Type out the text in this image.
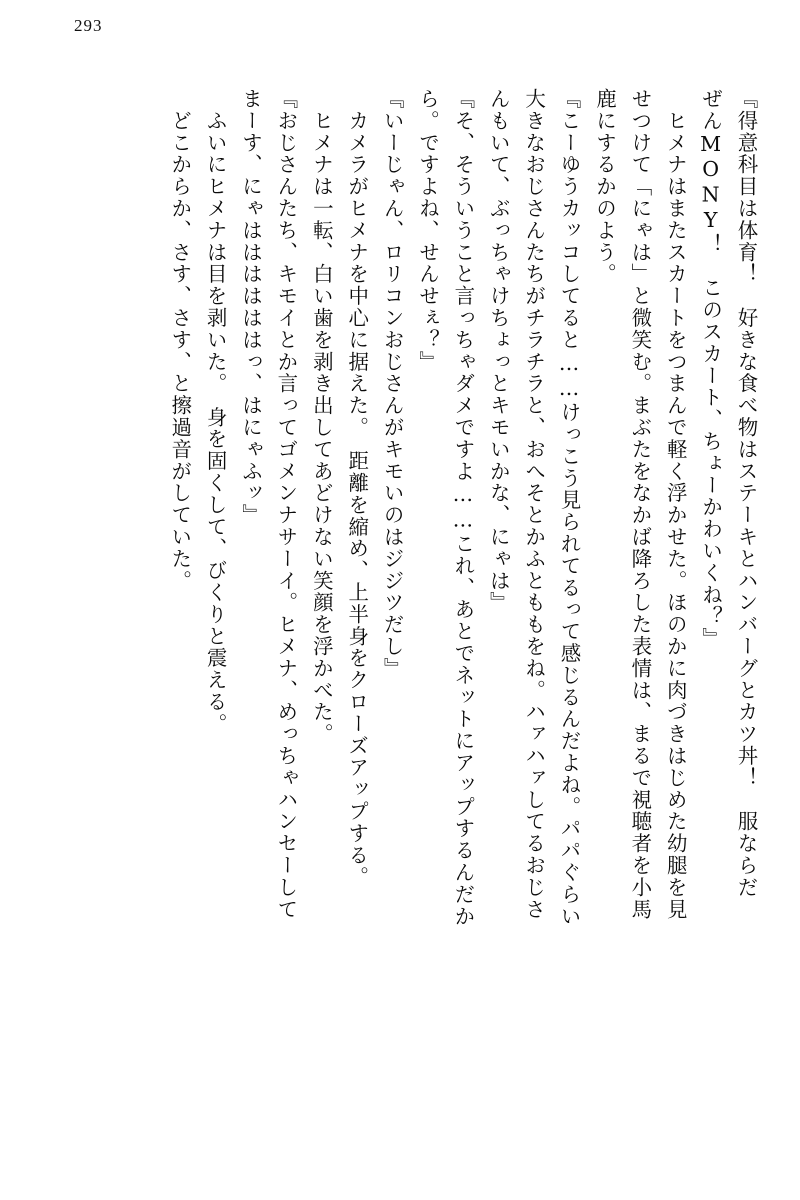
293
『得意科目は体育！　好きな食べ物はステーキとハンバーグとカツ丼！　服ならだ
ぜんMONY！　このスカート、ちょーかわいくね？』
　ヒメナはまたスカートをつまんで軽く浮かせた。ほのかに肉づきはじめた幼腿を見
せつけて「にゃは」と微笑む。まぶたをなかば降ろした表情は、まるで視聴者を小馬
鹿にするかのよう。
『こーゆうカッコしてると……けっこう見られてるって感じるんだよね。パパぐらい
大きなおじさんたちがチラチラと、おへそとかふとももをね。ハァハァしてるおじさ
んもいて、ぶっちゃけちょっとキモいかな、にゃは』
『そ、そういうこと言っちゃダメですよ……これ、あとでネットにアップするんだか
ら。ですよね、せんせぇ？』
『いーじゃん、ロリコンおじさんがキモいのはジジツだし』
　カメラがヒメナを中心に据えた。　距離を縮め、上半身をクローズアップする。
　ヒメナは一転、白い歯を剥き出してあどけない笑顔を浮かべた。
『おじさんたち、キモイとか言ってゴメンナサーイ。ヒメナ、めっちゃハンセーして
まーす、にゃははははははっ、はにゃふッ』
　ふいにヒメナは目を剥いた。　身を固くして、びくりと震える。
　どこからか、さす、さす、と擦過音がしていた。
